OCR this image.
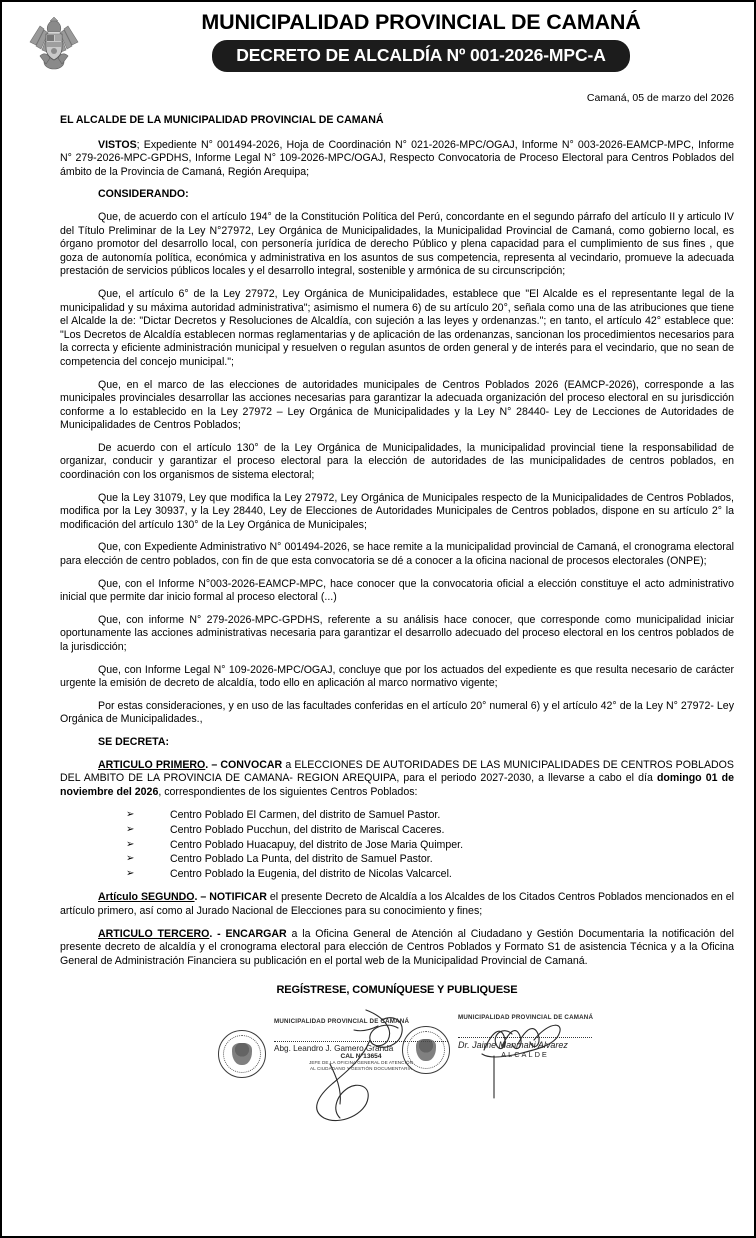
MUNICIPALIDAD PROVINCIAL DE CAMANÁ
DECRETO DE ALCALDÍA Nº 001-2026-MPC-A
Camaná, 05 de marzo del 2026
EL ALCALDE DE LA MUNICIPALIDAD PROVINCIAL DE CAMANÁ

VISTOS; Expediente N° 001494-2026, Hoja de Coordinación N° 021-2026-MPC/OGAJ, Informe N° 003-2026-EAMCP-MPC, Informe N° 279-2026-MPC-GPDHS, Informe Legal N° 109-2026-MPC/OGAJ, Respecto Convocatoria de Proceso Electoral para Centros Poblados del ámbito de la Provincia de Camaná, Región Arequipa;

CONSIDERANDO:

Que, de acuerdo con el artículo 194° de la Constitución Política del Perú, concordante en el segundo párrafo del artículo II y articulo IV del Título Preliminar de la Ley N°27972, Ley Orgánica de Municipalidades, la Municipalidad Provincial de Camaná, como gobierno local, es órgano promotor del desarrollo local, con personería jurídica de derecho Público y plena capacidad para el cumplimiento de sus fines , que goza de autonomía política, económica y administrativa en los asuntos de sus competencia, representa al vecindario, promueve la adecuada prestación de servicios públicos locales y el desarrollo integral, sostenible y armónica de su circunscripción;

Que, el artículo 6° de la Ley 27972, Ley Orgánica de Municipalidades, establece que "El Alcalde es el representante legal de la municipalidad y su máxima autoridad administrativa"; asimismo el numera 6) de su artículo 20°, señala como una de las atribuciones que tiene el Alcalde la de: "Dictar Decretos y Resoluciones de Alcaldía, con sujeción a las leyes y ordenanzas."; en tanto, el artículo 42° establece que: "Los Decretos de Alcaldía establecen normas reglamentarias y de aplicación de las ordenanzas, sancionan los procedimientos necesarios para la correcta y eficiente administración municipal y resuelven o regulan asuntos de orden general y de interés para el vecindario, que no sean de competencia del concejo municipal.";

Que, en el marco de las elecciones de autoridades municipales de Centros Poblados 2026 (EAMCP-2026), corresponde a las municipales provinciales desarrollar las acciones necesarias para garantizar la adecuada organización del proceso electoral en su jurisdicción conforme a lo establecido en la Ley 27972 – Ley Orgánica de Municipalidades y la Ley N° 28440- Ley de Lecciones de Autoridades de Municipalidades de Centros Poblados;

De acuerdo con el artículo 130° de la Ley Orgánica de Municipalidades, la municipalidad provincial tiene la responsabilidad de organizar, conducir y garantizar el proceso electoral para la elección de autoridades de las municipalidades de centros poblados, en coordinación con los organismos de sistema electoral;

Que la Ley 31079, Ley que modifica la Ley 27972, Ley Orgánica de Municipales respecto de la Municipalidades de Centros Poblados, modifica por la Ley 30937, y la Ley 28440, Ley de Elecciones de Autoridades Municipales de Centros poblados, dispone en su artículo 2° la modificación del artículo 130° de la Ley Orgánica de Municipales;

Que, con Expediente Administrativo N° 001494-2026, se hace remite a la municipalidad provincial de Camaná, el cronograma electoral para elección de centro poblados, con fin de que esta convocatoria se dé a conocer a la oficina nacional de procesos electorales (ONPE);

Que, con el Informe N°003-2026-EAMCP-MPC, hace conocer que la convocatoria oficial a elección constituye el acto administrativo inicial que permite dar inicio formal al proceso electoral (...)

Que, con informe N° 279-2026-MPC-GPDHS, referente a su análisis hace conocer, que corresponde como municipalidad iniciar oportunamente las acciones administrativas necesaria para garantizar el desarrollo adecuado del proceso electoral en los centros poblados de la jurisdicción;

Que, con Informe Legal N° 109-2026-MPC/OGAJ, concluye que por los actuados del expediente es que resulta necesario de carácter urgente la emisión de decreto de alcaldía, todo ello en aplicación al marco normativo vigente;

Por estas consideraciones, y en uso de las facultades conferidas en el artículo 20° numeral 6) y el artículo 42° de la Ley N° 27972- Ley Orgánica de Municipalidades.,

SE DECRETA:

ARTICULO PRIMERO. – CONVOCAR a ELECCIONES DE AUTORIDADES DE LAS MUNICIPALIDADES DE CENTROS POBLADOS DEL AMBITO DE LA PROVINCIA DE CAMANA- REGION AREQUIPA, para el periodo 2027-2030, a llevarse a cabo el día domingo 01 de noviembre del 2026, correspondientes de los siguientes Centros Poblados:

➢	Centro Poblado El Carmen, del distrito de Samuel Pastor.
➢	Centro Poblado Pucchun, del distrito de Mariscal Caceres.
➢	Centro Poblado Huacapuy, del distrito de Jose Maria Quimper.
➢	Centro Poblado La Punta, del distrito de Samuel Pastor.
➢	Centro Poblado la Eugenia, del distrito de Nicolas Valcarcel.

Artículo SEGUNDO. – NOTIFICAR el presente Decreto de Alcaldía a los Alcaldes de los Citados Centros Poblados mencionados en el artículo primero, así como al Jurado Nacional de Elecciones para su conocimiento y fines;

ARTICULO TERCERO. - ENCARGAR a la Oficina General de Atención al Ciudadano y Gestión Documentaria la notificación del presente decreto de alcaldía y el cronograma electoral para elección de Centros Poblados y Formato S1 de asistencia Técnica y a la Oficina General de Administración Financiera su publicación en el portal web de la Municipalidad Provincial de Camaná.

REGÍSTRESE, COMUNÍQUESE Y PUBLIQUESE
MUNICIPALIDAD PROVINCIAL DE CAMANÁ
Abg. Leandro J. Gamero Granda
CAL N°13654
JEFE DE LA OFICINA GENERAL DE ATENCIÓN
AL CIUDADANO Y GESTIÓN DOCUMENTARIA
MUNICIPALIDAD PROVINCIAL DE CAMANÁ
Dr. Jaime Manmani Alvarez
ALCALDE
